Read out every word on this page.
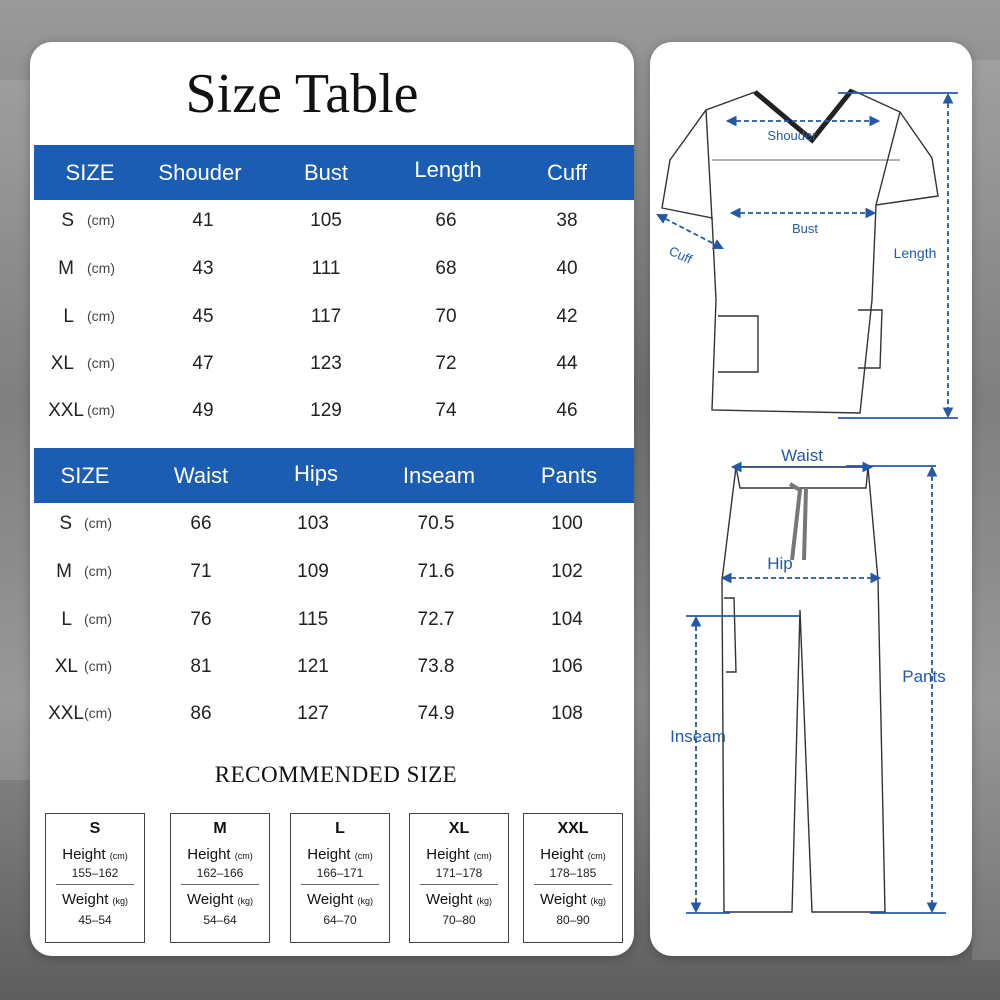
Size Table
SIZE Shouder	Bust	Length	Cuff
S (cm)	41	105	66	38
M (cm)	43	111	68	40
L (cm)	45	117	70	42
XL (cm)	47	123	72	44
XXL (cm)	49	129	74	46
SIZE	Waist	Hips	Inseam	Pants
S (cm)	66	103	70.5	100
M (cm)	71	109	71.6	102
L (cm)	76	115	72.7	104
XL (cm)	81	121	73.8	106
XXL (cm)	86	127	74.9	108
RECOMMENDED SIZE
S
Height (cm)
155–162
Weight (kg)
45–54
M
Height (cm)
162–166
Weight (kg)
54–64
L
Height (cm)
166–171
Weight (kg)
64–70
XL
Height (cm)
171–178
Weight (kg)
70–80
XXL
Height (cm)
178–185
Weight (kg)
80–90
Shouder
Bust
Cuff	Length
Waist
Hip
Pants
Inseam
